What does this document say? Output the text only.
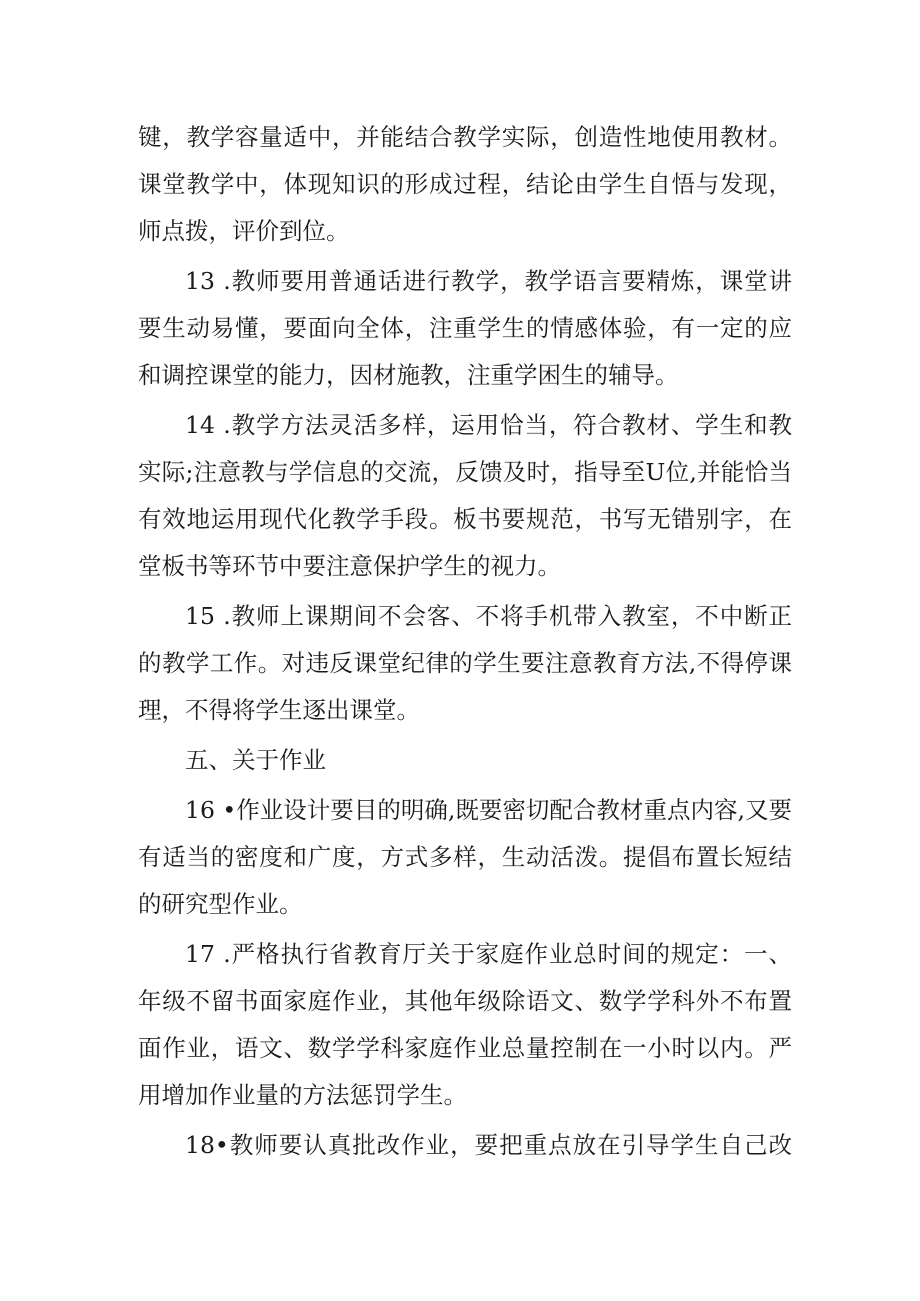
键，教学容量适中，并能结合教学实际，创造性地使用教材。
课堂教学中，体现知识的形成过程，结论由学生自悟与发现，
师点拨，评价到位。
13 .教师要用普通话进行教学，教学语言要精炼，课堂讲
要生动易懂，要面向全体，注重学生的情感体验，有一定的应
和调控课堂的能力，因材施教，注重学困生的辅导。
14 .教学方法灵活多样，运用恰当，符合教材、学生和教
实际;注意教与学信息的交流，反馈及时，指导至U位,并能恰当
有效地运用现代化教学手段。板书要规范，书写无错别字，在
堂板书等环节中要注意保护学生的视力。
15 .教师上课期间不会客、不将手机带入教室，不中断正
的教学工作。对违反课堂纪律的学生要注意教育方法,不得停课
理，不得将学生逐出课堂。
五、关于作业
16 •作业设计要目的明确,既要密切配合教材重点内容,又要
有适当的密度和广度，方式多样，生动活泼。提倡布置长短结
的研究型作业。
17 .严格执行省教育厅关于家庭作业总时间的规定：一、
年级不留书面家庭作业，其他年级除语文、数学学科外不布置
面作业，语文、数学学科家庭作业总量控制在一小时以内。严
用增加作业量的方法惩罚学生。
18•教师要认真批改作业，要把重点放在引导学生自己改
